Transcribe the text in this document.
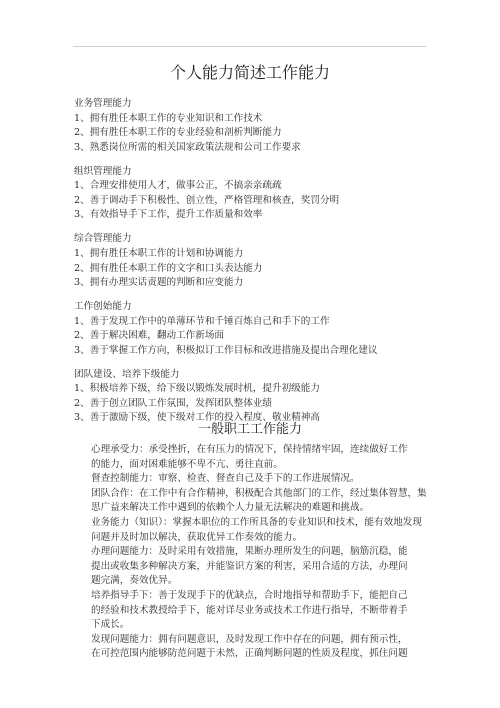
个人能力简述工作能力
业务管理能力
1、拥有胜任本职工作的专业知识和工作技术
2、拥有胜任本职工作的专业经验和剖析判断能力
3、熟悉岗位所需的相关国家政策法规和公司工作要求
组织管理能力
1、合理安排使用人才，做事公正，不搞亲亲疏疏
2、善于调动手下积极性、创立性，严格管理和核查，奖罚分明
3、有效指导手下工作，提升工作质量和效率
综合管理能力
1、拥有胜任本职工作的计划和协调能力
2、拥有胜任本职工作的文字和口头表达能力
3、拥有办理实话责题的判断和应变能力
工作创始能力
1、善于发现工作中的单薄环节和千锤百炼自己和手下的工作
2、善于解决困难，翻动工作新场面
3、善于掌握工作方向，积极拟订工作目标和改进措施及提出合理化建议
团队建设、培养下级能力
1、积极培养下级，给下级以锻炼发展时机，提升初级能力
2、善于创立团队工作氛围，发挥团队整体业绩
3、善于激励下级，使下级对工作的投入程度、敬业精神高
一般职工工作能力
心理承受力：承受挫折，在有压力的情况下，保持情绪牢固，连续做好工作
的能力，面对困难能够不卑不亢、勇往直前。
督查控制能力：审察、检查、督查自己及手下的工作进展情况。
团队合作：在工作中有合作精神，积极配合其他部门的工作，经过集体智慧，集
思广益来解决工作中遇到的依赖个人力量无法解决的难题和挑战。
业务能力（知识）：掌握本职位的工作所具备的专业知识和技术，能有效地发现
问题并及时加以解决，获取优异工作奏效的能力。
办理问题能力：及时采用有效措施，果断办理所发生的问题，脑筋沉稳，能
提出或收集多种解决方案，并能鉴识方案的利害，采用合适的方法，办理问
题完满，奏效优异。
培养指导手下：善于发现手下的优缺点，合时地指导和帮助手下，能把自己
的经验和技术教授给手下，能对详尽业务或技术工作进行指导，不断带着手
下成长。
发现问题能力：拥有问题意识，及时发现工作中存在的问题，拥有预示性，
在可控范围内能够防范问题于未然，正确判断问题的性质及程度，抓住问题
